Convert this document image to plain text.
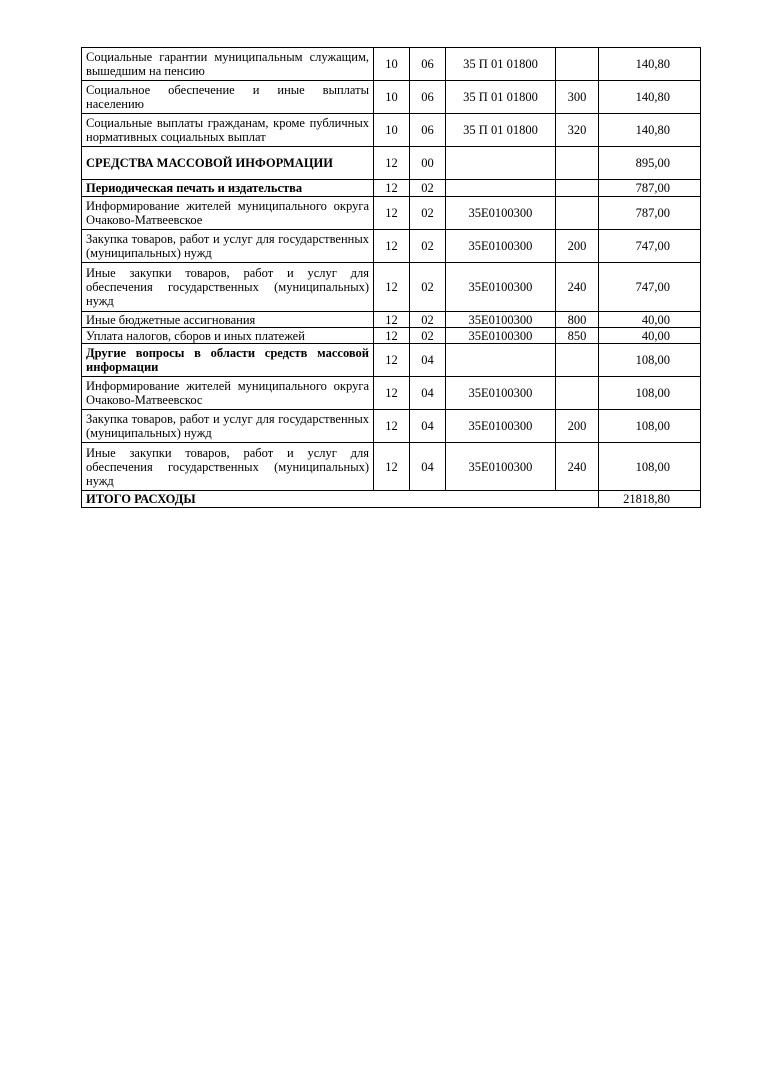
Социальные гарантии муниципальным служащим, вышедшим на пенсию	10	06	35 П 01 01800		140,80
Социальное обеспечение и иные выплаты населению	10	06	35 П 01 01800	300	140,80
Социальные выплаты гражданам, кроме публичных нормативных социальных выплат	10	06	35 П 01 01800	320	140,80
СРЕДСТВА МАССОВОЙ ИНФОРМАЦИИ	12	00			895,00
Периодическая печать и издательства	12	02			787,00
Информирование жителей муниципального округа Очаково-Матвеевское	12	02	35Е0100300		787,00
Закупка товаров, работ и услуг для государственных (муниципальных) нужд	12	02	35Е0100300	200	747,00
Иные закупки товаров, работ и услуг для обеспечения государственных (муниципальных) нужд	12	02	35Е0100300	240	747,00
Иные бюджетные ассигнования	12	02	35Е0100300	800	40,00
Уплата налогов, сборов и иных платежей	12	02	35Е0100300	850	40,00
Другие вопросы в области средств массовой информации	12	04			108,00
Информирование жителей муниципального округа Очаково-Матвеевскос	12	04	35Е0100300		108,00
Закупка товаров, работ и услуг для государственных (муниципальных) нужд	12	04	35Е0100300	200	108,00
Иные закупки товаров, работ и услуг для обеспечения государственных (муниципальных) нужд	12	04	35Е0100300	240	108,00
ИТОГО РАСХОДЫ					21818,80
